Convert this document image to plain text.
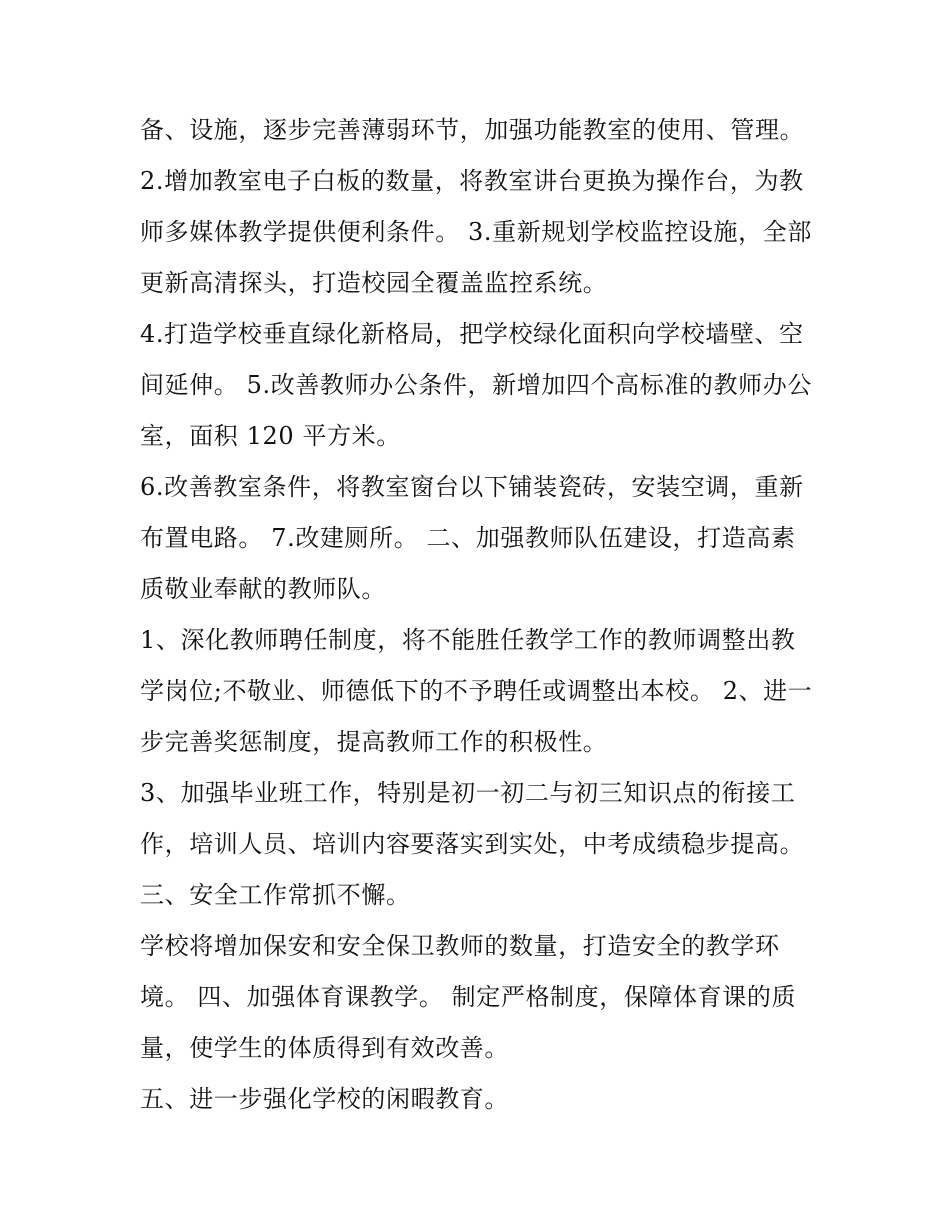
备、设施，逐步完善薄弱环节，加强功能教室的使用、管理。
2.增加教室电子白板的数量，将教室讲台更换为操作台，为教
师多媒体教学提供便利条件。 3.重新规划学校监控设施，全部
更新高清探头，打造校园全覆盖监控系统。
4.打造学校垂直绿化新格局，把学校绿化面积向学校墙壁、空
间延伸。 5.改善教师办公条件，新增加四个高标准的教师办公
室，面积 120 平方米。
6.改善教室条件，将教室窗台以下铺装瓷砖，安装空调，重新
布置电路。 7.改建厕所。 二、加强教师队伍建设，打造高素
质敬业奉献的教师队。
1、深化教师聘任制度，将不能胜任教学工作的教师调整出教
学岗位;不敬业、师德低下的不予聘任或调整出本校。 2、进一
步完善奖惩制度，提高教师工作的积极性。
3、加强毕业班工作，特别是初一初二与初三知识点的衔接工
作，培训人员、培训内容要落实到实处，中考成绩稳步提高。
三、安全工作常抓不懈。
学校将增加保安和安全保卫教师的数量，打造安全的教学环
境。 四、加强体育课教学。 制定严格制度，保障体育课的质
量，使学生的体质得到有效改善。
五、进一步强化学校的闲暇教育。
